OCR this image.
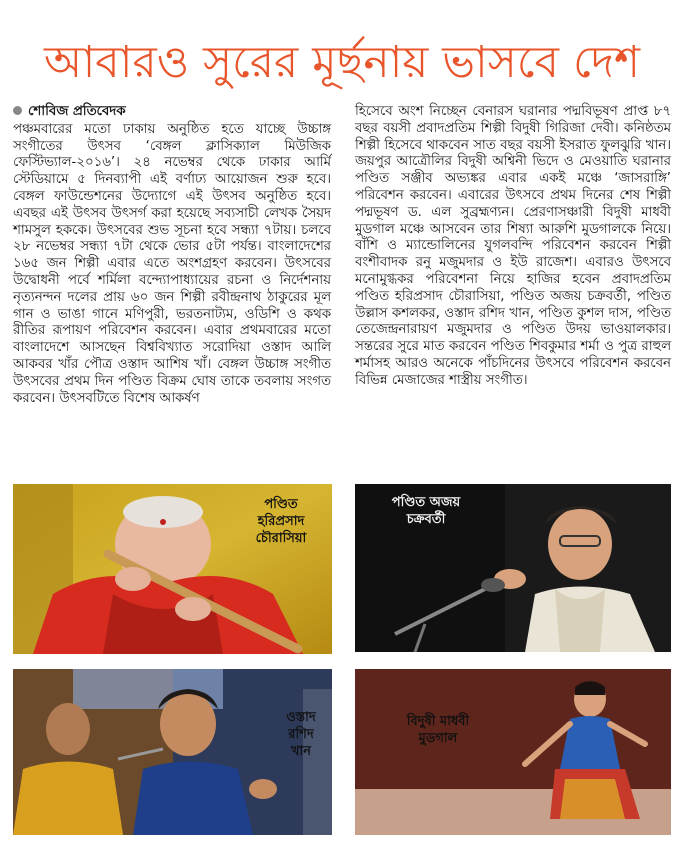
আবারও সুরের মূর্ছনায় ভাসবে দেশ
শোবিজ প্রতিবেদক

পঞ্চমবারের মতো ঢাকায় অনুষ্ঠিত হতে যাচ্ছে উচ্চাঙ্গ সংগীতের উৎসব ‘বেঙ্গল ক্লাসিক্যাল মিউজিক ফেস্টিভ্যাল-২০১৬’। ২৪ নভেম্বর থেকে ঢাকার আর্মি স্টেডিয়ামে ৫ দিনব্যাপী এই বর্ণাঢ্য আয়োজন শুরু হবে। বেঙ্গল ফাউন্ডেশনের উদ্যোগে এই উৎসব অনুষ্ঠিত হবে। এবছর এই উৎসব উৎসর্গ করা হয়েছে সব্যসাচী লেখক সৈয়দ শামসুল হককে। উৎসবের শুভ সূচনা হবে সন্ধ্যা ৭টায়। চলবে ২৮ নভেম্বর সন্ধ্যা ৭টা থেকে ভোর ৫টা পর্যন্ত। বাংলাদেশের ১৬৫ জন শিল্পী এবার এতে অংশগ্রহণ করবেন। উৎসবের উদ্বোধনী পর্বে শর্মিলা বন্দ্যোপাধ্যায়ের রচনা ও নির্দেশনায় নৃত্যনন্দন দলের প্রায় ৬০ জন শিল্পী রবীন্দ্রনাথ ঠাকুরের মূল গান ও ভাঙা গানে মণিপুরী, ভরতনাট্যম, ওডিশি ও কথক রীতির রূপায়ণ পরিবেশন করবেন। এবার প্রথমবারের মতো বাংলাদেশে আসছেন বিশ্ববিখ্যাত সরোদিয়া ওস্তাদ আলি আকবর খাঁর পৌত্র ওস্তাদ আশিষ খাঁ। বেঙ্গল উচ্চাঙ্গ সংগীত উৎসবের প্রথম দিন পণ্ডিত বিক্রম ঘোষ তাকে তবলায় সংগত করবেন। উৎসবটিতে বিশেষ আকর্ষণ

হিসেবে অংশ নিচ্ছেন বেনারস ঘরানার পদ্মবিভূষণ প্রাপ্ত ৮৭ বছর বয়সী প্রবাদপ্রতিম শিল্পী বিদুষী গিরিজা দেবী। কনিষ্ঠতম শিল্পী হিসেবে থাকবেন সাত বছর বয়সী ইসরাত ফুলঝুরি খান। জয়পুর আত্রৌলির বিদুষী অশ্বিনী ভিদে ও মেওয়াতি ঘরানার পণ্ডিত সঞ্জীব অভ্যঙ্কর এবার একই মঞ্চে ‘জাসরাঙ্গি’ পরিবেশন করবেন। এবারের উৎসবে প্রথম দিনের শেষ শিল্পী পদ্মভূষণ ড. এল সুব্রহ্মণ্যন। প্রেরণাসঞ্চারী বিদুষী মাধবী মুডগাল মঞ্চে আসবেন তার শিষ্যা আরুশি মুডগালকে নিয়ে। বাঁশি ও ম্যান্ডোলিনের যুগলবন্দি পরিবেশন করবেন শিল্পী বংশীবাদক রনু মজুমদার ও ইউ রাজেশ। এবারও উৎসবে মনোমুগ্ধকর পরিবেশনা নিয়ে হাজির হবেন প্রবাদপ্রতিম পণ্ডিত হরিপ্রসাদ চৌরাসিয়া, পণ্ডিত অজয় চক্রবর্তী, পণ্ডিত উল্লাস কশলকর, ওস্তাদ রশিদ খান, পণ্ডিত কুশল দাস, পণ্ডিত তেজেন্দ্রনারায়ণ মজুমদার ও পণ্ডিত উদয় ভাওয়ালকার। সন্তরের সুরে মাত করবেন পণ্ডিত শিবকুমার শর্মা ও পুত্র রাহুল শর্মাসহ আরও অনেকে পাঁচদিনের উৎসবে পরিবেশন করবেন বিভিন্ন মেজাজের শাস্ত্রীয় সংগীত।

পণ্ডিত
হরিপ্রসাদ
চৌরাসিয়া
পণ্ডিত অজয়
চক্রবর্তী
ওস্তাদ
রশিদ
খান
বিদুষী মাধবী
মুডগাল
